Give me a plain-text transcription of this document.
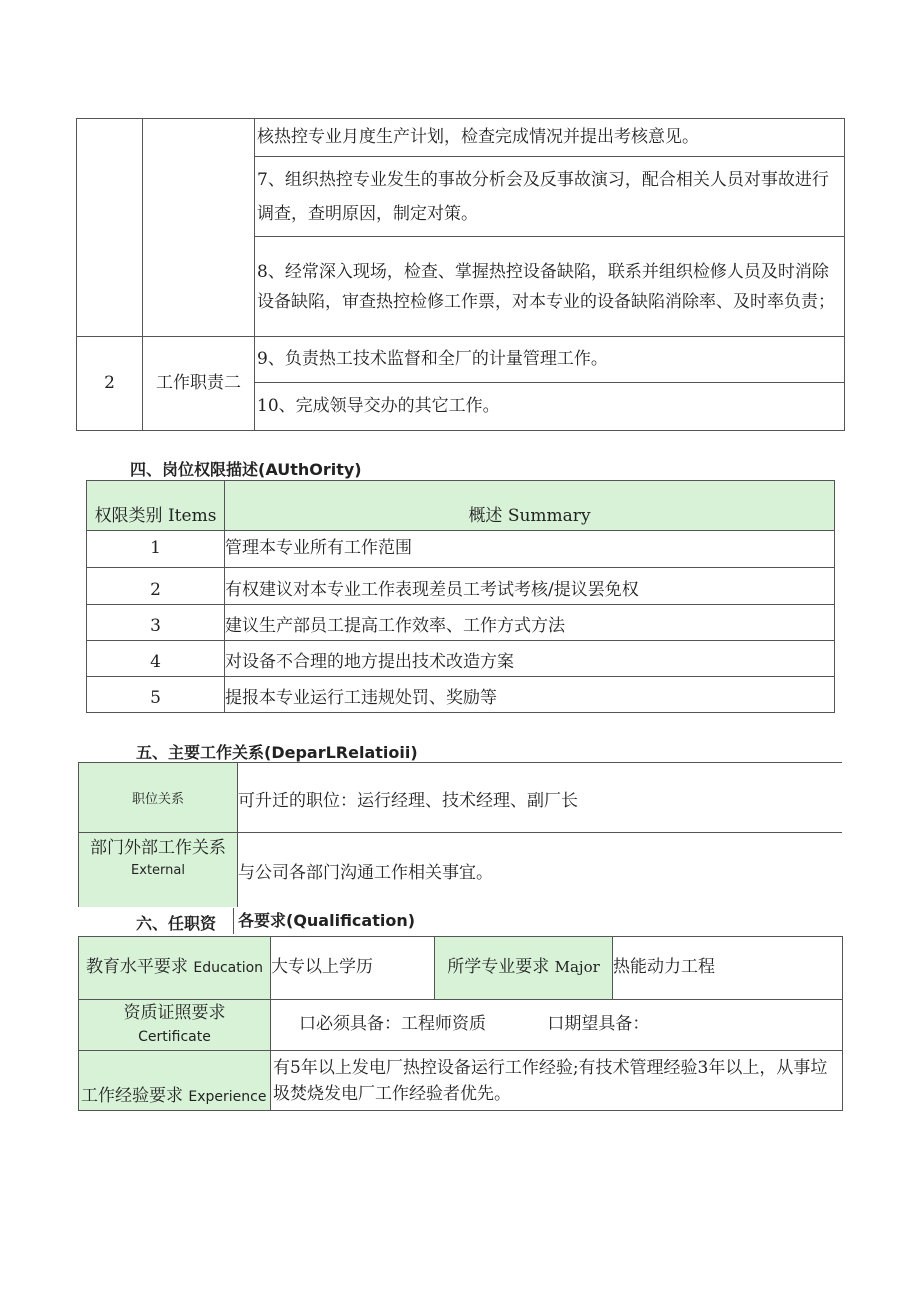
		核热控专业月度生产计划，检查完成情况并提出考核意见。
		7、组织热控专业发生的事故分析会及反事故演习，配合相关人员对事故进行调查，查明原因，制定对策。
		8、经常深入现场，检查、掌握热控设备缺陷，联系并组织检修人员及时消除设备缺陷，审查热控检修工作票，对本专业的设备缺陷消除率、及时率负责；
2	工作职责二	9、负责热工技术监督和全厂的计量管理工作。
		10、完成领导交办的其它工作。
四、岗位权限描述(AUthOrity)
权限类别 Items	概述 Summary
1	管理本专业所有工作范围
2	有权建议对本专业工作表现差员工考试考核/提议罢免权
3	建议生产部员工提高工作效率、工作方式方法
4	对设备不合理的地方提出技术改造方案
5	提报本专业运行工违规处罚、奖励等
五、主要工作关系(DeparLRelatioii)
职位关系	可升迁的职位：运行经理、技术经理、副厂长
部门外部工作关系
External	与公司各部门沟通工作相关事宜。
六、任职资	各要求(Qualification)
教育水平要求 Education	大专以上学历	所学专业要求 Major	热能动力工程

资质证照要求
Certificate	口必须具备：工程师资质 口期望具备：		
工作经验要求 Experience	有5年以上发电厂热控设备运行工作经验;有技术管理经验3年以上，从事垃圾焚烧发电厂工作经验者优先。		
